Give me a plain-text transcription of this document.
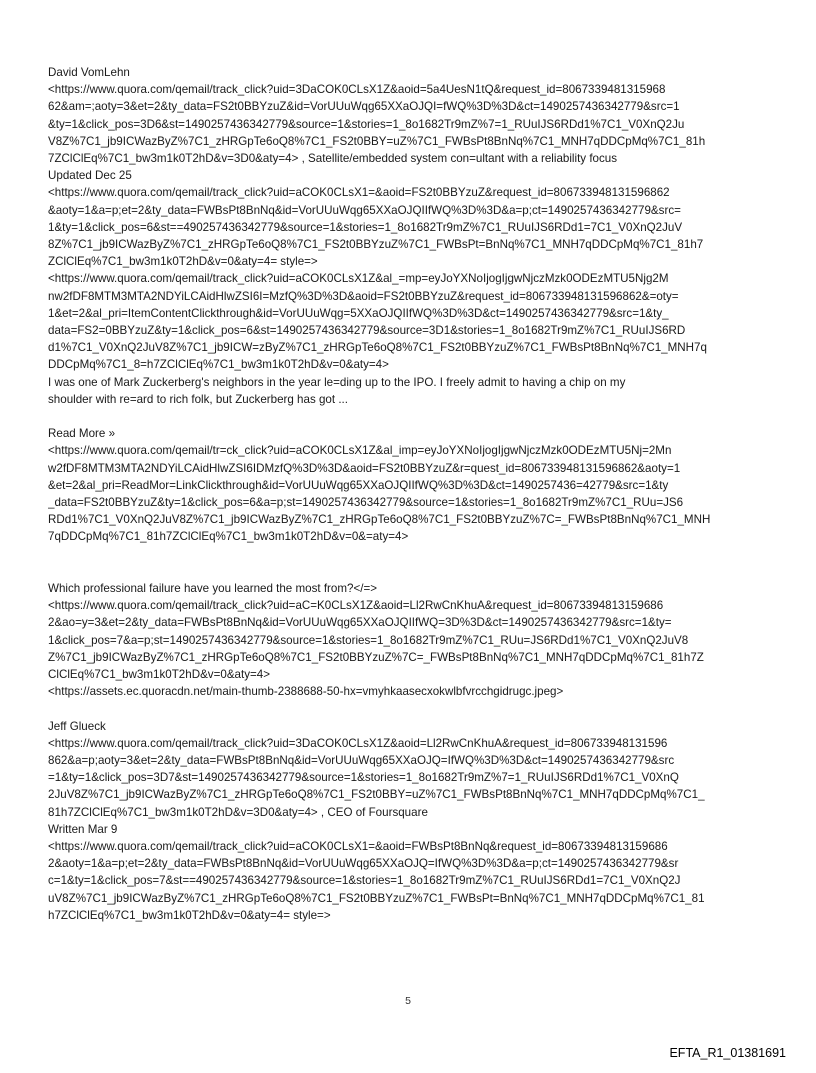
David VomLehn
<https://www.quora.com/qemail/track_click?uid=3DaCOK0CLsX1Z&aoid=5a4UesN1tQ&request_id=8067339481315968
62&am=;aoty=3&et=2&ty_data=FS2t0BBYzuZ&id=VorUUuWqg65XXaOJQI=fWQ%3D%3D&ct=1490257436342779&src=1
&ty=1&click_pos=3D6&st=1490257436342779&source=1&stories=1_8o1682Tr9mZ%7=1_RUuIJS6RDd1%7C1_V0XnQ2Ju
V8Z%7C1_jb9ICWazByZ%7C1_zHRGpTe6oQ8%7C1_FS2t0BBY=uZ%7C1_FWBsPt8BnNq%7C1_MNH7qDDCpMq%7C1_81h
7ZClClEq%7C1_bw3m1k0T2hD&v=3D0&aty=4> , Satellite/embedded system con=ultant with a reliability focus
Updated Dec 25
<https://www.quora.com/qemail/track_click?uid=aCOK0CLsX1=&aoid=FS2t0BBYzuZ&request_id=806733948131596862
&aoty=1&a=p;et=2&ty_data=FWBsPt8BnNq&id=VorUUuWqg65XXaOJQIIfWQ%3D%3D&a=p;ct=1490257436342779&src=
1&ty=1&click_pos=6&st==490257436342779&source=1&stories=1_8o1682Tr9mZ%7C1_RUuIJS6RDd1=7C1_V0XnQ2JuV
8Z%7C1_jb9ICWazByZ%7C1_zHRGpTe6oQ8%7C1_FS2t0BBYzuZ%7C1_FWBsPt=BnNq%7C1_MNH7qDDCpMq%7C1_81h7
ZClClEq%7C1_bw3m1k0T2hD&v=0&aty=4= style=>
<https://www.quora.com/qemail/track_click?uid=aCOK0CLsX1Z&al_=mp=eyJoYXNoIjogIjgwNjczMzk0ODEzMTU5Njg2M
nw2fDF8MTM3MTA2NDYiLCAidHlwZSI6I=MzfQ%3D%3D&aoid=FS2t0BBYzuZ&request_id=806733948131596862&=oty=
1&et=2&al_pri=ItemContentClickthrough&id=VorUUuWqg=5XXaOJQIIfWQ%3D%3D&ct=1490257436342779&src=1&ty_
data=FS2=0BBYzuZ&ty=1&click_pos=6&st=1490257436342779&source=3D1&stories=1_8o1682Tr9mZ%7C1_RUuIJS6RD
d1%7C1_V0XnQ2JuV8Z%7C1_jb9ICW=zByZ%7C1_zHRGpTe6oQ8%7C1_FS2t0BBYzuZ%7C1_FWBsPt8BnNq%7C1_MNH7q
DDCpMq%7C1_8=h7ZClClEq%7C1_bw3m1k0T2hD&v=0&aty=4>
I was one of Mark Zuckerberg's neighbors in the year le=ding up to the IPO. I freely admit to having a chip on my
shoulder with re=ard to rich folk, but Zuckerberg has got ...
Read More »
<https://www.quora.com/qemail/tr=ck_click?uid=aCOK0CLsX1Z&al_imp=eyJoYXNoIjogIjgwNjczMzk0ODEzMTU5Nj=2Mn
w2fDF8MTM3MTA2NDYiLCAidHlwZSI6IDMzfQ%3D%3D&aoid=FS2t0BBYzuZ&r=quest_id=806733948131596862&aoty=1
&et=2&al_pri=ReadMor=LinkClickthrough&id=VorUUuWqg65XXaOJQIIfWQ%3D%3D&ct=1490257436=42779&src=1&ty
_data=FS2t0BBYzuZ&ty=1&click_pos=6&a=p;st=1490257436342779&source=1&stories=1_8o1682Tr9mZ%7C1_RUu=JS6
RDd1%7C1_V0XnQ2JuV8Z%7C1_jb9ICWazByZ%7C1_zHRGpTe6oQ8%7C1_FS2t0BBYzuZ%7C=_FWBsPt8BnNq%7C1_MNH
7qDDCpMq%7C1_81h7ZClClEq%7C1_bw3m1k0T2hD&v=0&=aty=4>
Which professional failure have you learned the most from?</=>
<https://www.quora.com/qemail/track_click?uid=aC=K0CLsX1Z&aoid=Ll2RwCnKhuA&request_id=80673394813159686
2&ao=y=3&et=2&ty_data=FWBsPt8BnNq&id=VorUUuWqg65XXaOJQIIfWQ=3D%3D&ct=1490257436342779&src=1&ty=
1&click_pos=7&a=p;st=1490257436342779&source=1&stories=1_8o1682Tr9mZ%7C1_RUu=JS6RDd1%7C1_V0XnQ2JuV8
Z%7C1_jb9ICWazByZ%7C1_zHRGpTe6oQ8%7C1_FS2t0BBYzuZ%7C=_FWBsPt8BnNq%7C1_MNH7qDDCpMq%7C1_81h7Z
ClClEq%7C1_bw3m1k0T2hD&v=0&aty=4>
<https://assets.ec.quoracdn.net/main-thumb-2388688-50-hx=vmyhkaasecxokwlbfvrcchgidrugc.jpeg>
Jeff Glueck
<https://www.quora.com/qemail/track_click?uid=3DaCOK0CLsX1Z&aoid=Ll2RwCnKhuA&request_id=806733948131596
862&a=p;aoty=3&et=2&ty_data=FWBsPt8BnNq&id=VorUUuWqg65XXaOJQ=IfWQ%3D%3D&ct=1490257436342779&src
=1&ty=1&click_pos=3D7&st=1490257436342779&source=1&stories=1_8o1682Tr9mZ%7=1_RUuIJS6RDd1%7C1_V0XnQ
2JuV8Z%7C1_jb9ICWazByZ%7C1_zHRGpTe6oQ8%7C1_FS2t0BBY=uZ%7C1_FWBsPt8BnNq%7C1_MNH7qDDCpMq%7C1_
81h7ZClClEq%7C1_bw3m1k0T2hD&v=3D0&aty=4> , CEO of Foursquare
Written Mar 9
<https://www.quora.com/qemail/track_click?uid=aCOK0CLsX1=&aoid=FWBsPt8BnNq&request_id=80673394813159686
2&aoty=1&a=p;et=2&ty_data=FWBsPt8BnNq&id=VorUUuWqg65XXaOJQ=IfWQ%3D%3D&a=p;ct=1490257436342779&sr
c=1&ty=1&click_pos=7&st==490257436342779&source=1&stories=1_8o1682Tr9mZ%7C1_RUuIJS6RDd1=7C1_V0XnQ2J
uV8Z%7C1_jb9ICWazByZ%7C1_zHRGpTe6oQ8%7C1_FS2t0BBYzuZ%7C1_FWBsPt=BnNq%7C1_MNH7qDDCpMq%7C1_81
h7ZClClEq%7C1_bw3m1k0T2hD&v=0&aty=4= style=>
5
EFTA_R1_01381691
